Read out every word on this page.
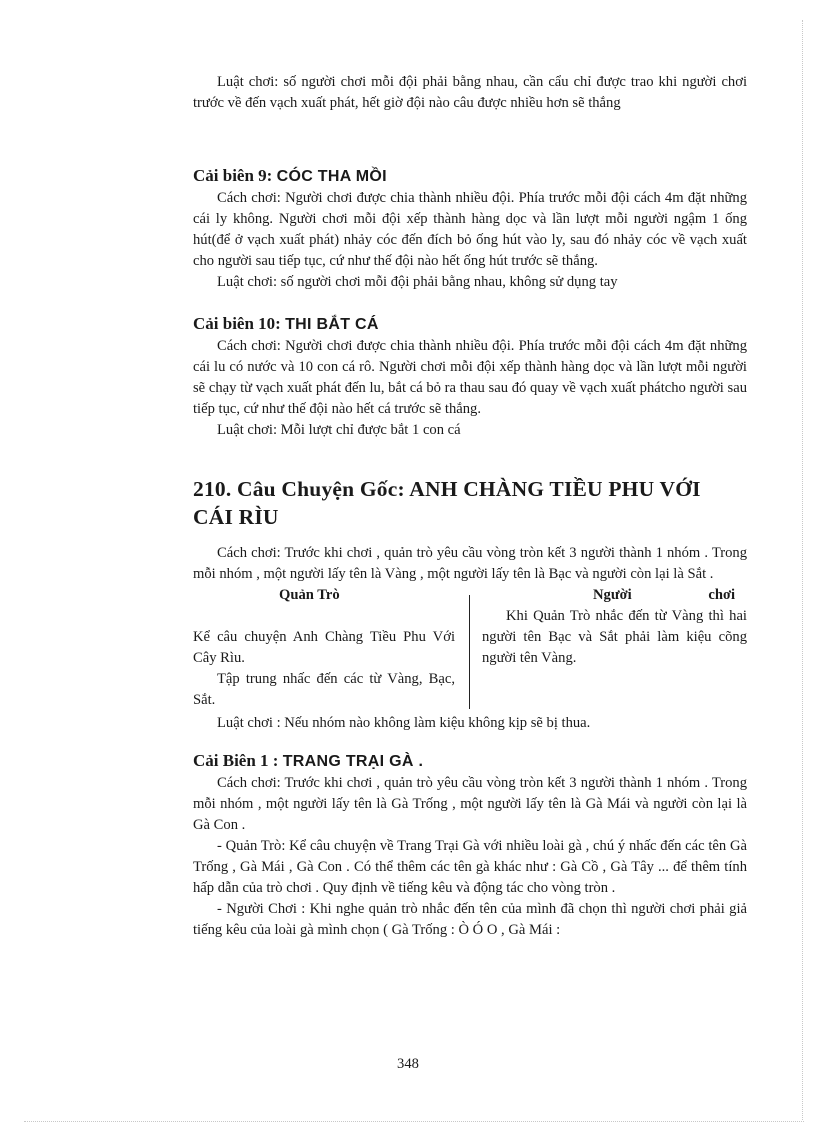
Luật chơi: số người chơi mỗi đội phải bằng nhau, cần cẩu chỉ được trao khi người chơi trước về đến vạch xuất phát, hết giờ đội nào câu được nhiều hơn sẽ thắng

Cải biên 9: CÓC THA MỒI

Cách chơi: Người chơi được chia thành nhiều đội. Phía trước mỗi đội cách 4m đặt những cái ly không. Người chơi mỗi đội xếp thành hàng dọc và lần lượt mỗi người ngậm 1 ống hút(để ở vạch xuất phát) nhảy cóc đến đích bỏ ống hút vào ly, sau đó nhảy cóc về vạch xuất cho người sau tiếp tục, cứ như thế đội nào hết ống hút trước sẽ thắng.

Luật chơi: số người chơi mỗi đội phải bằng nhau, không sử dụng tay

Cải biên 10: THI BẮT CÁ

Cách chơi: Người chơi được chia thành nhiều đội. Phía trước mỗi đội cách 4m đặt những cái lu có nước và 10 con cá rô. Người chơi mỗi đội xếp thành hàng dọc và lần lượt mỗi người sẽ chạy từ vạch xuất phát đến lu, bắt cá bỏ ra thau sau đó quay về vạch xuất phátcho người sau tiếp tục, cứ như thế đội nào hết cá trước sẽ thắng.

Luật chơi: Mỗi lượt chỉ được bắt 1 con cá

210. Câu Chuyện Gốc: ANH CHÀNG TIỀU PHU VỚI
CÁI RÌU

Cách chơi: Trước khi chơi , quản trò yêu cầu vòng tròn kết 3 người thành 1 nhóm . Trong mỗi nhóm , một người lấy tên là Vàng , một người lấy tên là Bạc và người còn lại là Sắt .

Quản Trò	Người                     chơi

Kể câu chuyện Anh Chàng Tiều Phu Với Cây Rìu.

Tập trung nhấc đến các từ Vàng, Bạc, Sắt.

Khi Quản Trò nhắc đến từ Vàng thì hai người tên Bạc và Sắt phải làm kiệu cõng người tên Vàng.

Luật chơi : Nếu nhóm nào không làm kiệu không kịp sẽ bị thua.

Cải Biên 1 : TRANG TRẠI GÀ .

Cách chơi: Trước khi chơi , quản trò yêu cầu vòng tròn kết 3 người thành 1 nhóm . Trong mỗi nhóm , một người lấy tên là Gà Trống , một người lấy tên là Gà Mái và người còn lại là Gà Con .

- Quản Trò: Kể câu chuyện về Trang Trại Gà với nhiều loài gà , chú ý nhấc đến các tên Gà Trống , Gà Mái , Gà Con . Có thể thêm các tên gà khác như : Gà Cồ , Gà Tây ... để thêm tính hấp dẫn của trò chơi . Quy định về tiếng kêu và động tác cho vòng tròn .

- Người Chơi : Khi nghe quản trò nhắc đến tên của mình đã chọn thì người chơi phải giả tiếng kêu của loài gà mình chọn ( Gà Trống : Ò Ó O , Gà Mái :

348
